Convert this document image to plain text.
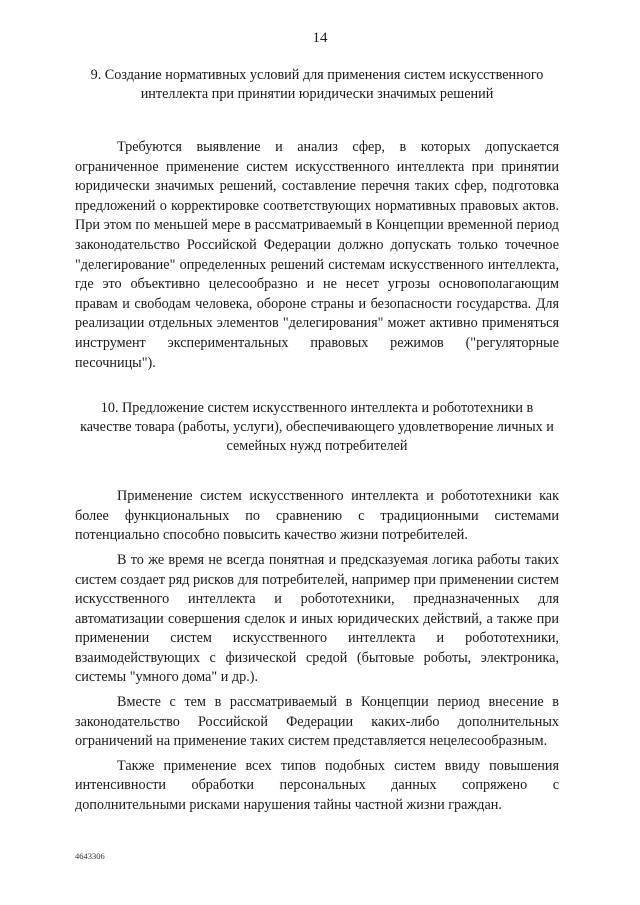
14

9. Создание нормативных условий для применения систем искусственного интеллекта при принятии юридически значимых решений

Требуются выявление и анализ сфер, в которых допускается ограниченное применение систем искусственного интеллекта при принятии юридически значимых решений, составление перечня таких сфер, подготовка предложений о корректировке соответствующих нормативных правовых актов. При этом по меньшей мере в рассматриваемый в Концепции временной период законодательство Российской Федерации должно допускать только точечное "делегирование" определенных решений системам искусственного интеллекта, где это объективно целесообразно и не несет угрозы основополагающим правам и свободам человека, обороне страны и безопасности государства. Для реализации отдельных элементов "делегирования" может активно применяться инструмент экспериментальных правовых режимов ("регуляторные песочницы").

10. Предложение систем искусственного интеллекта и робототехники в качестве товара (работы, услуги), обеспечивающего удовлетворение личных и семейных нужд потребителей

Применение систем искусственного интеллекта и робототехники как более функциональных по сравнению с традиционными системами потенциально способно повысить качество жизни потребителей.

В то же время не всегда понятная и предсказуемая логика работы таких систем создает ряд рисков для потребителей, например при применении систем искусственного интеллекта и робототехники, предназначенных для автоматизации совершения сделок и иных юридических действий, а также при применении систем искусственного интеллекта и робототехники, взаимодействующих с физической средой (бытовые роботы, электроника, системы "умного дома" и др.).

Вместе с тем в рассматриваемый в Концепции период внесение в законодательство Российской Федерации каких-либо дополнительных ограничений на применение таких систем представляется нецелесообразным.

Также применение всех типов подобных систем ввиду повышения интенсивности обработки персональных данных сопряжено с дополнительными рисками нарушения тайны частной жизни граждан.

4643306
